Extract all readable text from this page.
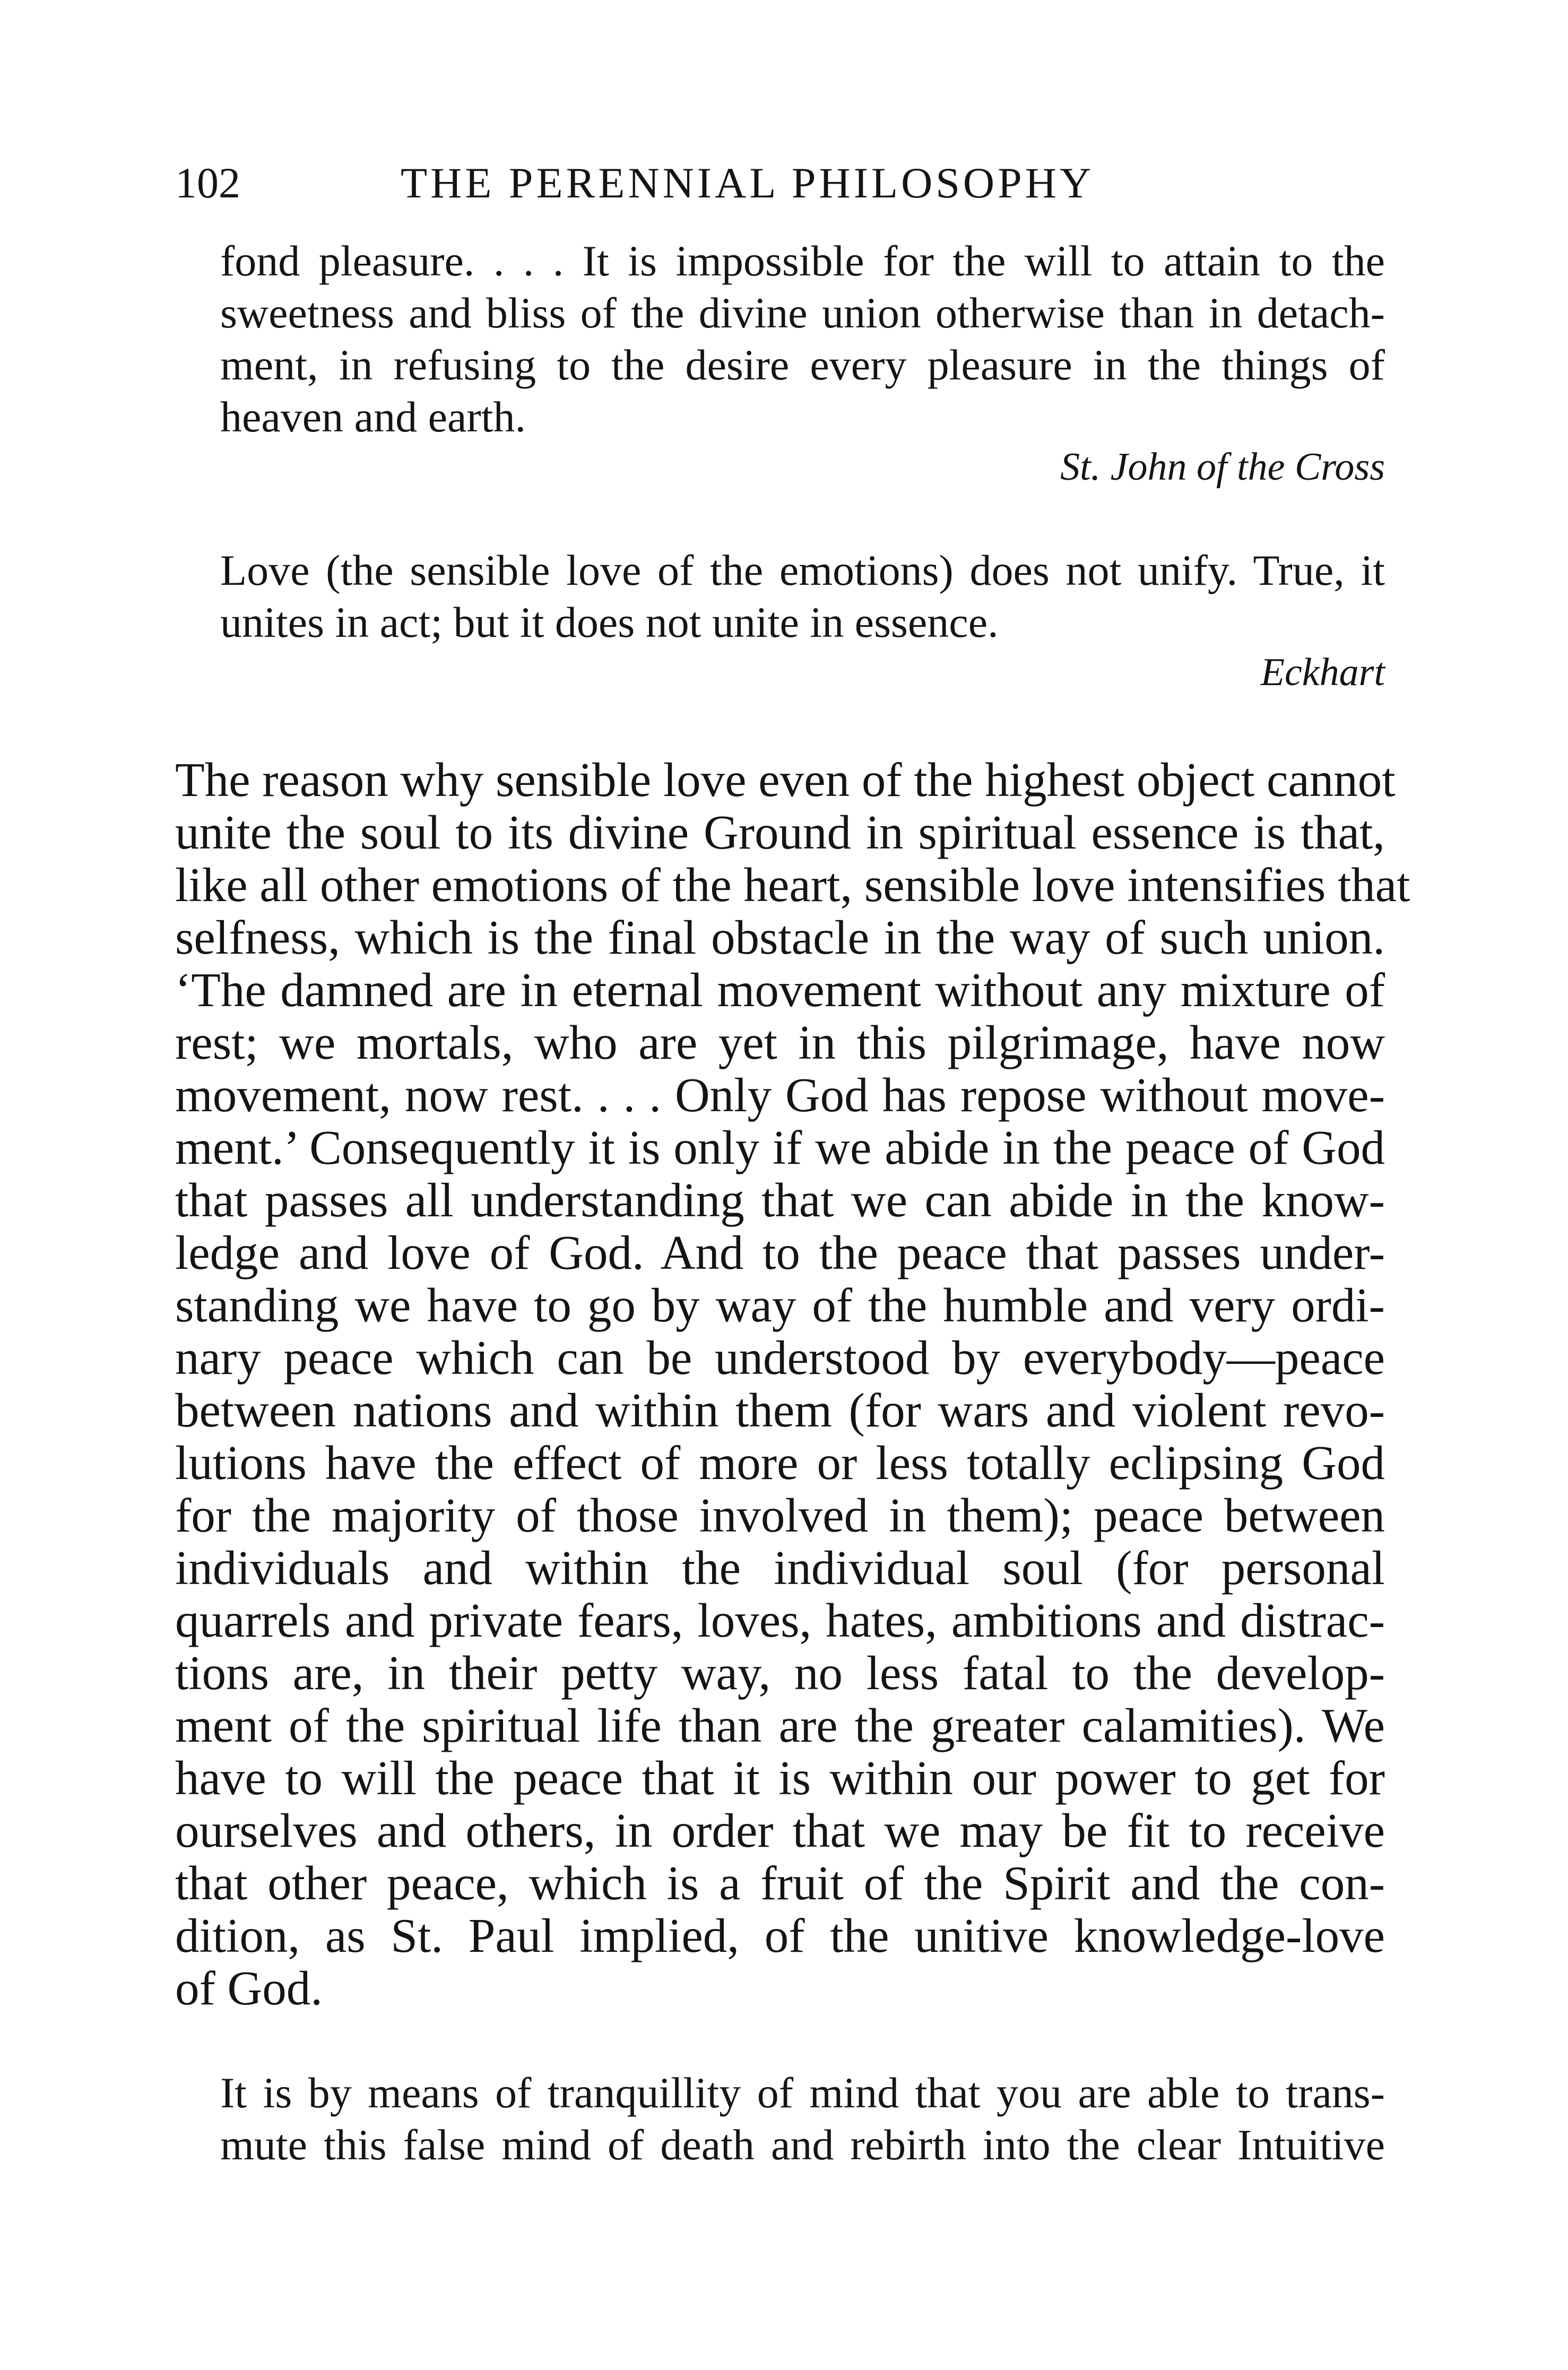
102	THE PERENNIAL PHILOSOPHY
fond pleasure. . . . It is impossible for the will to attain to the
sweetness and bliss of the divine union otherwise than in detach-
ment, in refusing to the desire every pleasure in the things of
heaven and earth.
St. John of the Cross
Love (the sensible love of the emotions) does not unify. True, it
unites in act; but it does not unite in essence.
Eckhart
The reason why sensible love even of the highest object cannot
unite the soul to its divine Ground in spiritual essence is that,
like all other emotions of the heart, sensible love intensifies that
selfness, which is the final obstacle in the way of such union.
‘The damned are in eternal movement without any mixture of
rest; we mortals, who are yet in this pilgrimage, have now
movement, now rest. . . . Only God has repose without move-
ment.’ Consequently it is only if we abide in the peace of God
that passes all understanding that we can abide in the know-
ledge and love of God. And to the peace that passes under-
standing we have to go by way of the humble and very ordi-
nary peace which can be understood by everybody—peace
between nations and within them (for wars and violent revo-
lutions have the effect of more or less totally eclipsing God
for the majority of those involved in them); peace between
individuals and within the individual soul (for personal
quarrels and private fears, loves, hates, ambitions and distrac-
tions are, in their petty way, no less fatal to the develop-
ment of the spiritual life than are the greater calamities). We
have to will the peace that it is within our power to get for
ourselves and others, in order that we may be fit to receive
that other peace, which is a fruit of the Spirit and the con-
dition, as St. Paul implied, of the unitive knowledge-love
of God.
It is by means of tranquillity of mind that you are able to trans-
mute this false mind of death and rebirth into the clear Intuitive
